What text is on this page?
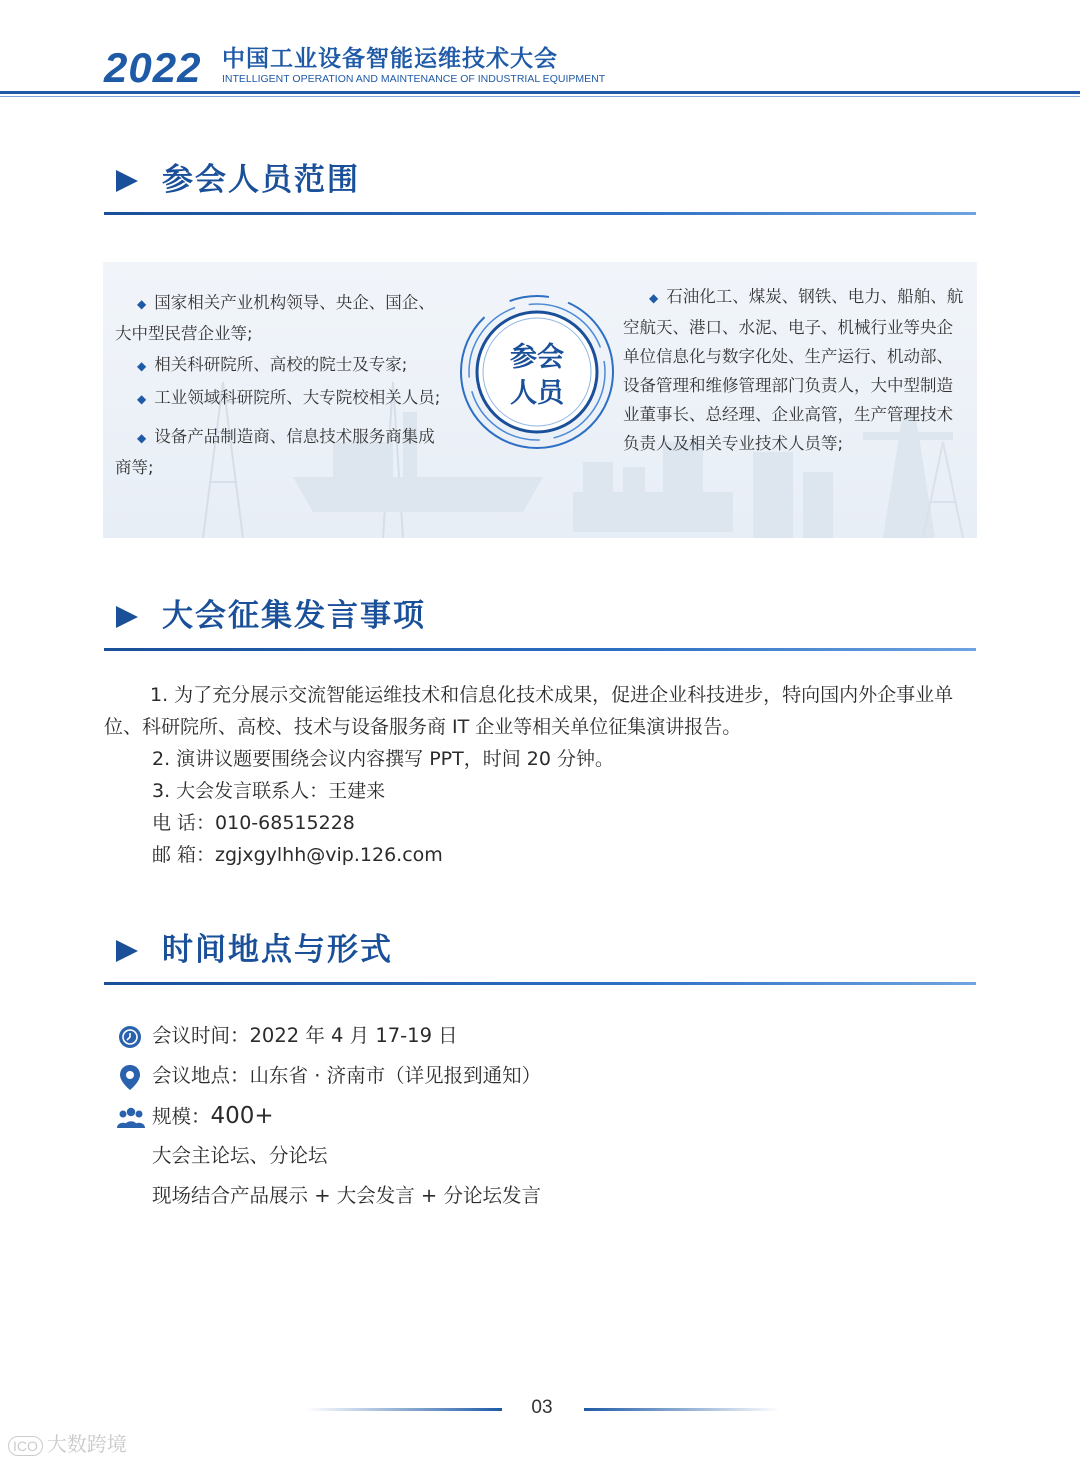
2022 中国工业设备智能运维技术大会
INTELLIGENT OPERATION AND MAINTENANCE OF INDUSTRIAL EQUIPMENT
参会人员范围
◆ 国家相关产业机构领导、央企、国企、大中型民营企业等;
◆ 相关科研院所、高校的院士及专家;
◆ 工业领域科研院所、大专院校相关人员;
◆ 设备产品制造商、信息技术服务商集成商等;
参会
人员
◆ 石油化工、煤炭、钢铁、电力、船舶、航空航天、港口、水泥、电子、机械行业等央企单位信息化与数字化处、生产运行、机动部、设备管理和维修管理部门负责人，大中型制造业董事长、总经理、企业高管，生产管理技术负责人及相关专业技术人员等;
大会征集发言事项

1. 为了充分展示交流智能运维技术和信息化技术成果，促进企业科技进步，特向国内外企事业单位、科研院所、高校、技术与设备服务商 IT 企业等相关单位征集演讲报告。

2. 演讲议题要围绕会议内容撰写 PPT，时间 20 分钟。

3. 大会发言联系人：王建来

电 话：010-68515228

邮 箱：zgjxgylhh@vip.126.com

时间地点与形式
会议时间：2022 年 4 月 17-19 日
会议地点：山东省 · 济南市（详见报到通知）
规模：400+
大会主论坛、分论坛
现场结合产品展示 + 大会发言 + 分论坛发言
03
ICO 大数跨境
